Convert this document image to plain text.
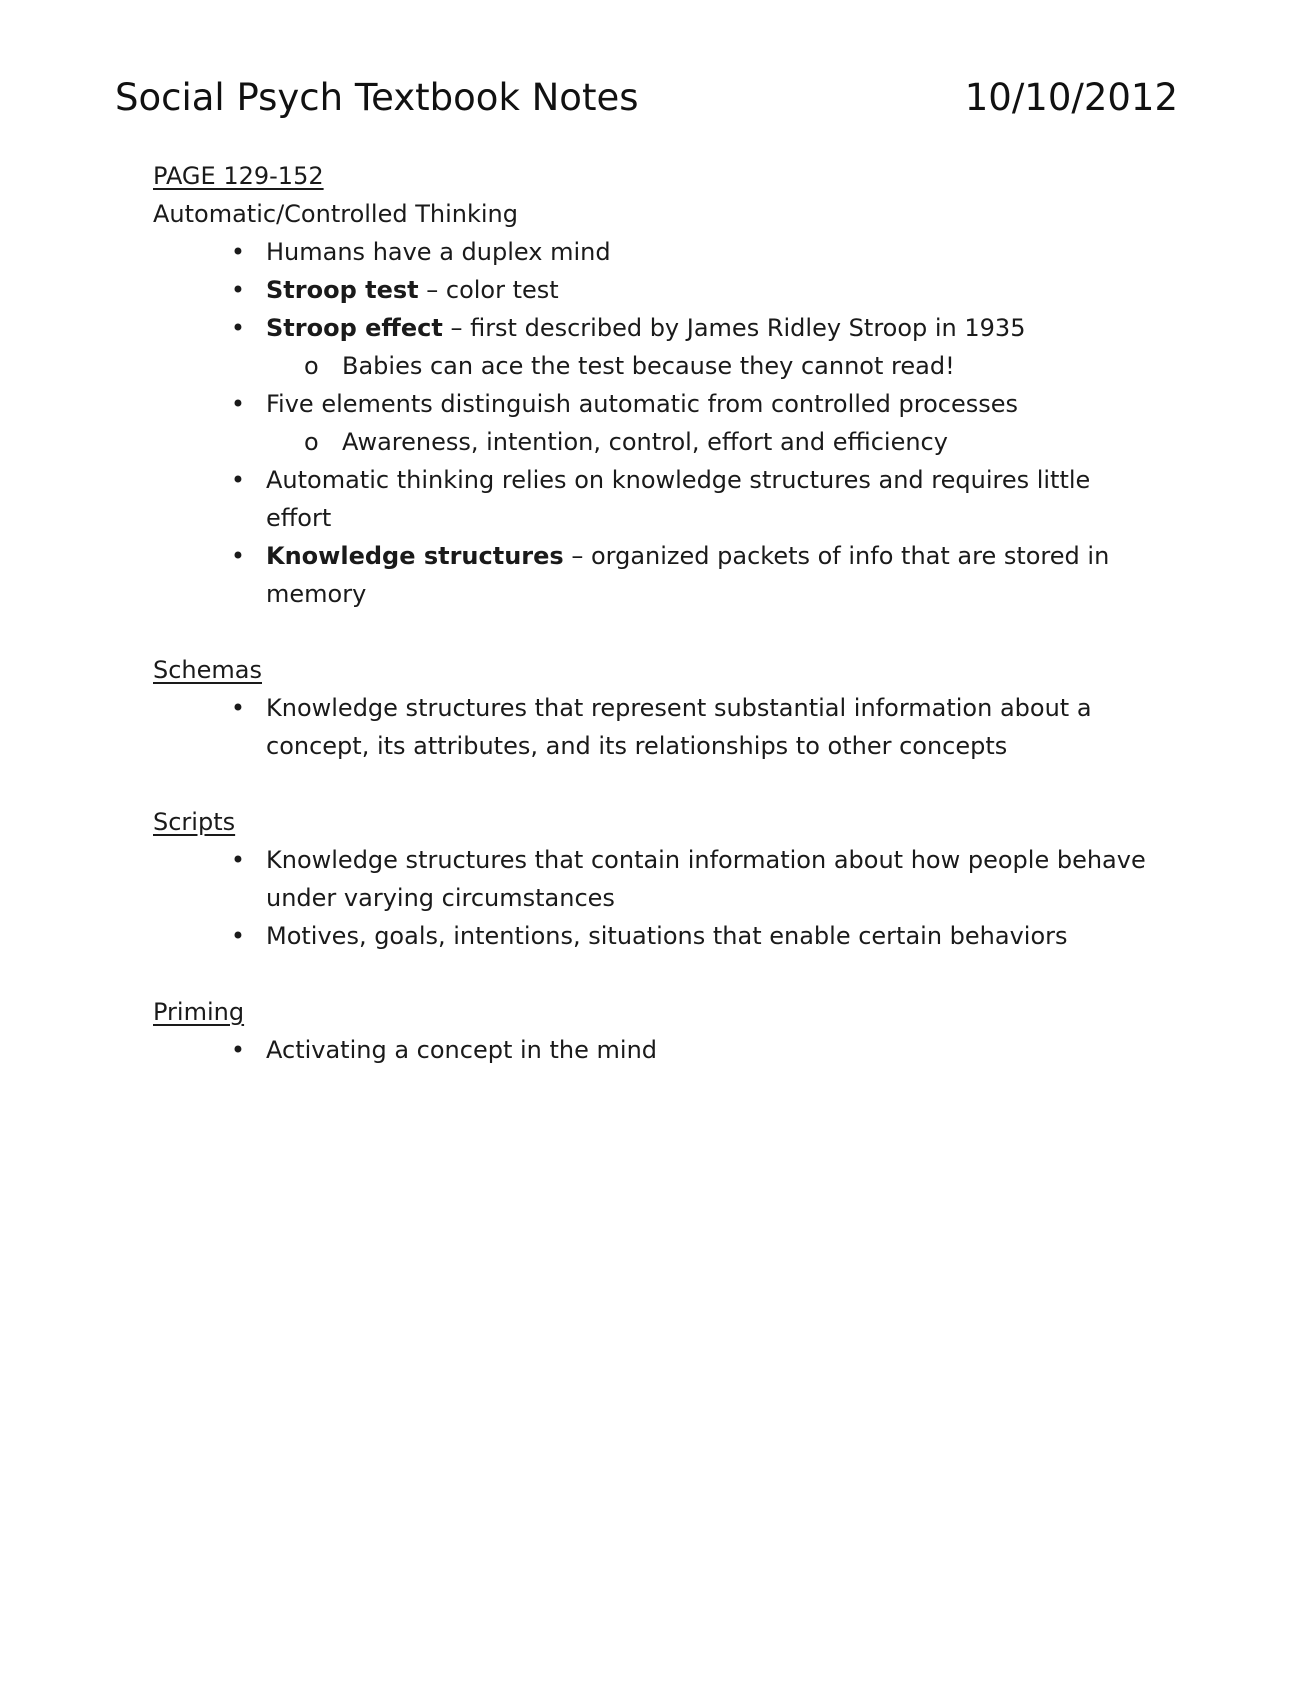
Social Psych Textbook Notes	10/10/2012

PAGE 129-152

Automatic/Controlled Thinking

• Humans have a duplex mind
• Stroop test – color test
• Stroop effect – first described by James Ridley Stroop in 1935
o Babies can ace the test because they cannot read!
• Five elements distinguish automatic from controlled processes
o Awareness, intention, control, effort and efficiency
• Automatic thinking relies on knowledge structures and requires little effort
• Knowledge structures – organized packets of info that are stored in memory

Schemas

• Knowledge structures that represent substantial information about a concept, its attributes, and its relationships to other concepts

Scripts

• Knowledge structures that contain information about how people behave under varying circumstances
• Motives, goals, intentions, situations that enable certain behaviors

Priming

• Activating a concept in the mind
